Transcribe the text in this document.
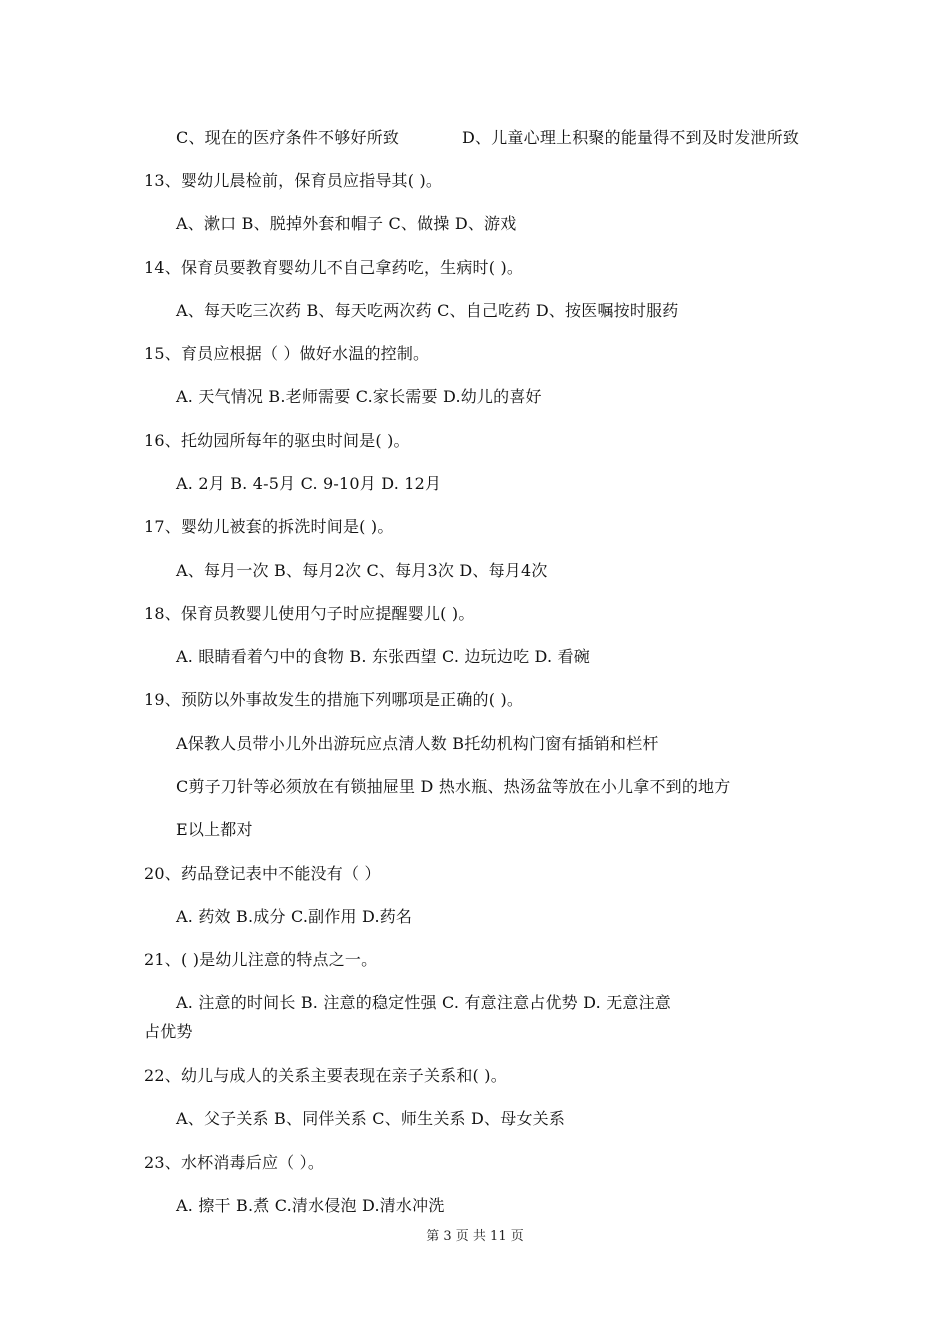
C、现在的医疗条件不够好所致	D、儿童心理上积聚的能量得不到及时发泄所致
13、婴幼儿晨检前，保育员应指导其( )。
A、漱口 B、脱掉外套和帽子 C、做操 D、游戏
14、保育员要教育婴幼儿不自己拿药吃，生病时( )。
A、每天吃三次药 B、每天吃两次药 C、自己吃药 D、按医嘱按时服药
15、育员应根据（ ）做好水温的控制。
A. 天气情况 B.老师需要 C.家长需要 D.幼儿的喜好
16、托幼园所每年的驱虫时间是( )。
A. 2月 B. 4-5月 C. 9-10月 D. 12月
17、婴幼儿被套的拆洗时间是( )。
A、每月一次 B、每月2次 C、每月3次 D、每月4次
18、保育员教婴儿使用勺子时应提醒婴儿( )。
A. 眼睛看着勺中的食物 B. 东张西望 C. 边玩边吃 D. 看碗
19、预防以外事故发生的措施下列哪项是正确的( )。
A保教人员带小儿外出游玩应点清人数 B托幼机构门窗有插销和栏杆
C剪子刀针等必须放在有锁抽屉里 D 热水瓶、热汤盆等放在小儿拿不到的地方
E以上都对
20、药品登记表中不能没有（ ）
A. 药效 B.成分 C.副作用 D.药名
21、( )是幼儿注意的特点之一。
A. 注意的时间长 B. 注意的稳定性强 C. 有意注意占优势 D. 无意注意
占优势
22、幼儿与成人的关系主要表现在亲子关系和( )。
A、父子关系 B、同伴关系 C、师生关系 D、母女关系
23、水杯消毒后应（ ）。
A. 擦干 B.煮 C.清水侵泡 D.清水冲洗
第 3 页 共 11 页
